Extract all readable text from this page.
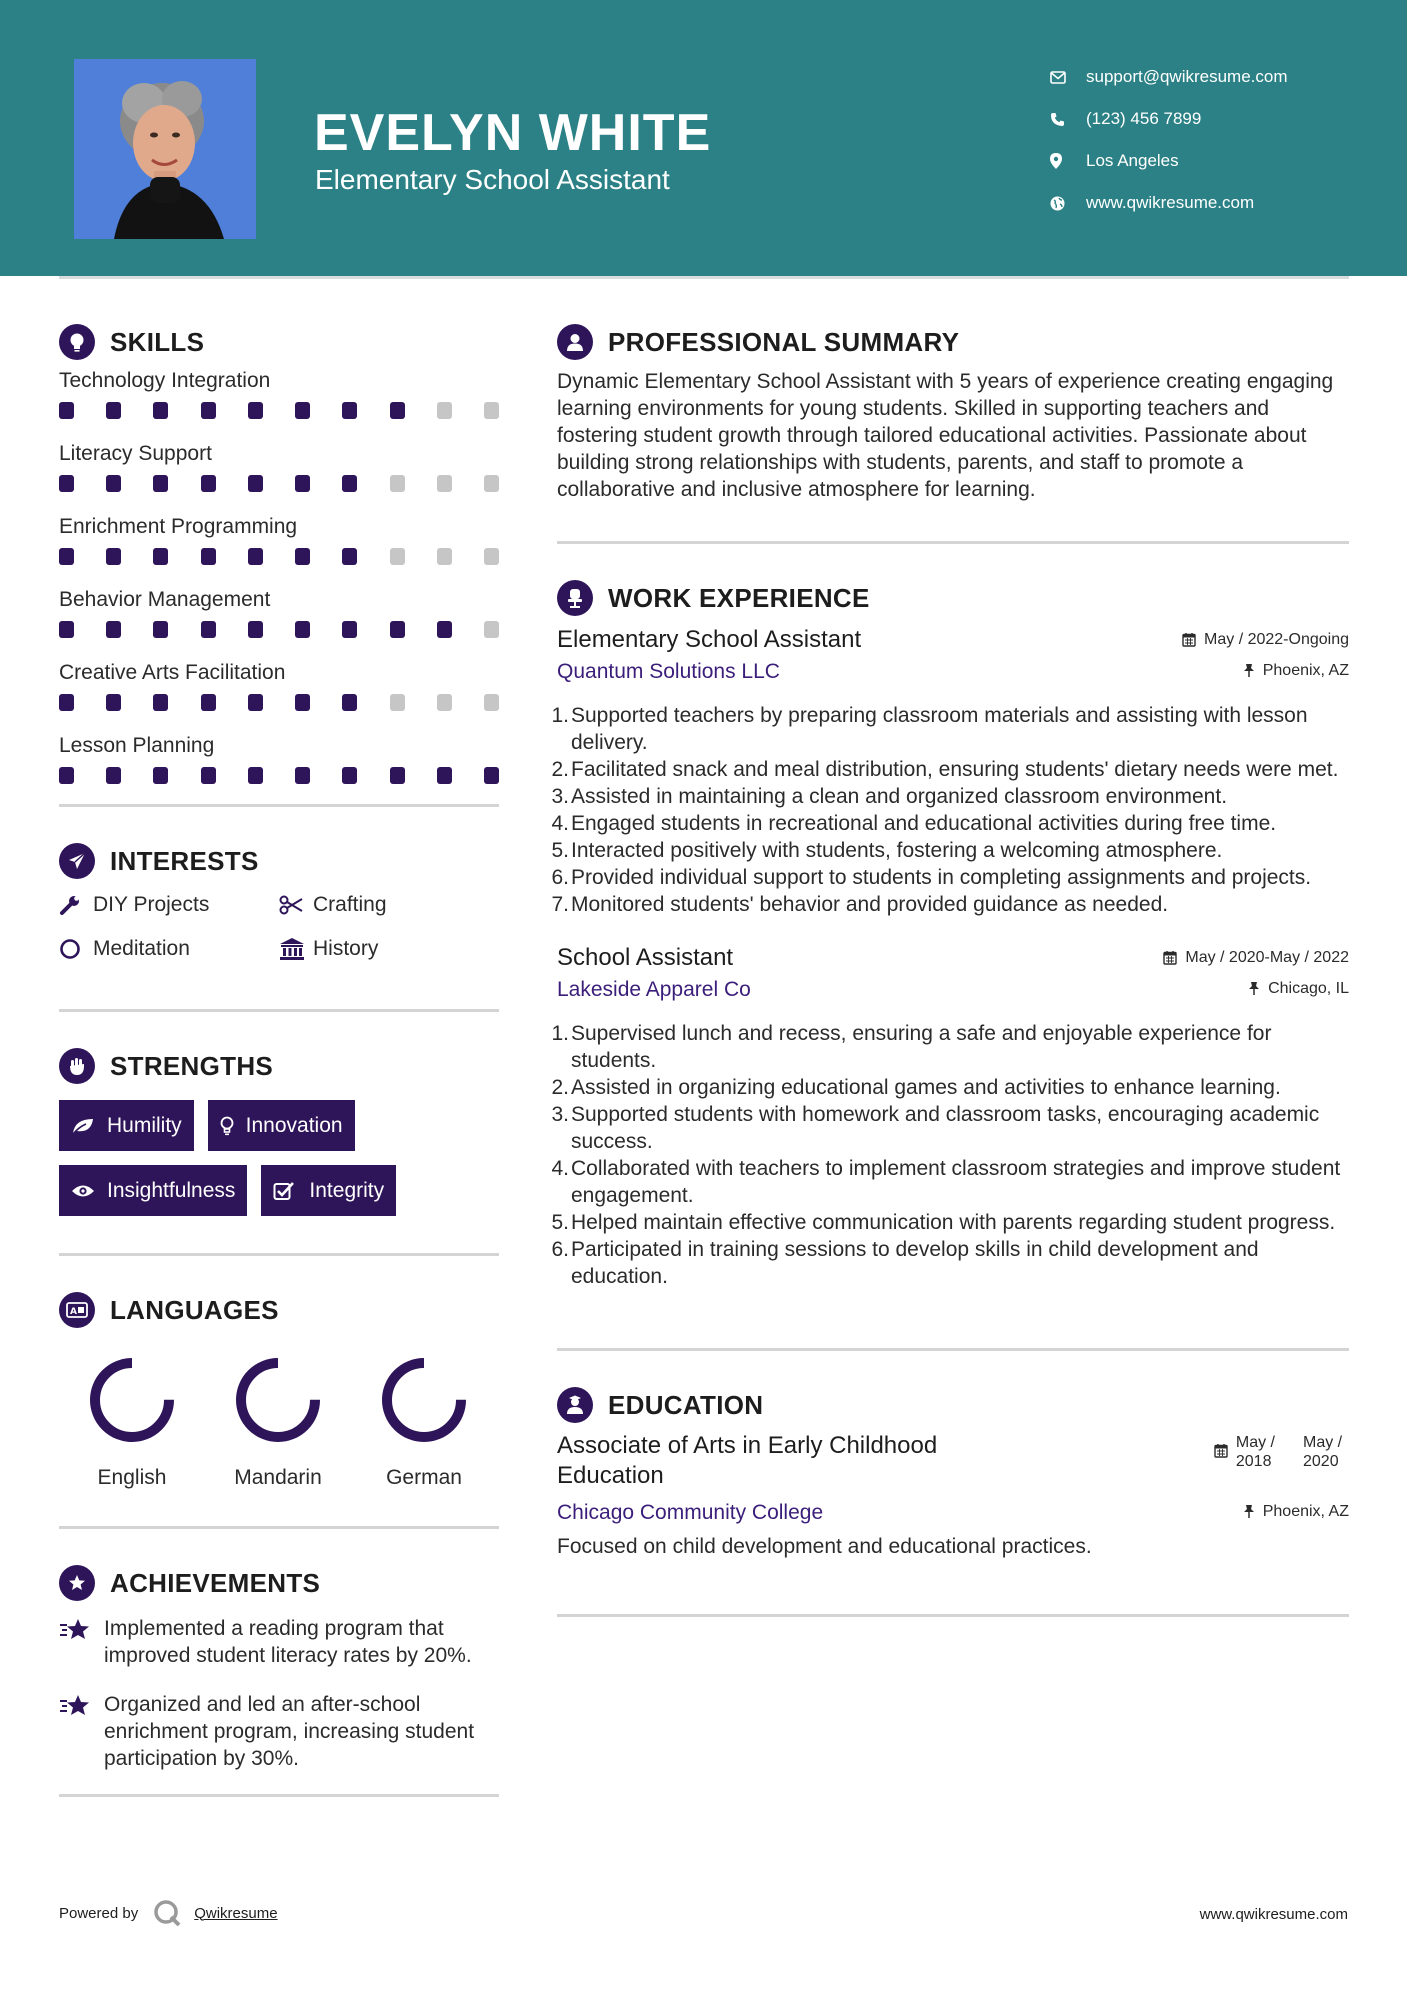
EVELYN WHITE
Elementary School Assistant
support@qwikresume.com
(123) 456 7899
Los Angeles
www.qwikresume.com
SKILLS
Technology Integration
Literacy Support
Enrichment Programming
Behavior Management
Creative Arts Facilitation
Lesson Planning
INTERESTS
DIY Projects	Crafting
Meditation	History
STRENGTHS
Humility	Innovation
Insightfulness	Integrity
A LANGUAGES
English	Mandarin	German
ACHIEVEMENTS
Implemented a reading program that improved student literacy rates by 20%.
Organized and led an after-school enrichment program, increasing student participation by 30%.
PROFESSIONAL SUMMARY

Dynamic Elementary School Assistant with 5 years of experience creating engaging learning environments for young students. Skilled in supporting teachers and fostering student growth through tailored educational activities. Passionate about building strong relationships with students, parents, and staff to promote a collaborative and inclusive atmosphere for learning.

WORK EXPERIENCE
Elementary School Assistant	May / 2022-Ongoing
Quantum Solutions LLC	Phoenix, AZ
1. Supported teachers by preparing classroom materials and assisting with lesson delivery.
2. Facilitated snack and meal distribution, ensuring students' dietary needs were met.
3. Assisted in maintaining a clean and organized classroom environment.
4. Engaged students in recreational and educational activities during free time.
5. Interacted positively with students, fostering a welcoming atmosphere.
6. Provided individual support to students in completing assignments and projects.
7. Monitored students' behavior and provided guidance as needed.
School Assistant	May / 2020-May / 2022
Lakeside Apparel Co	Chicago, IL
1. Supervised lunch and recess, ensuring a safe and enjoyable experience for students.
2. Assisted in organizing educational games and activities to enhance learning.
3. Supported students with homework and classroom tasks, encouraging academic success.
4. Collaborated with teachers to implement classroom strategies and improve student engagement.
5. Helped maintain effective communication with parents regarding student progress.
6. Participated in training sessions to develop skills in child development and education.
EDUCATION
Associate of Arts in Early Childhood Education
May /
2018
May /
2020
Chicago Community College	Phoenix, AZ

Focused on child development and educational practices.

Powered by	Qwikresume	www.qwikresume.com
